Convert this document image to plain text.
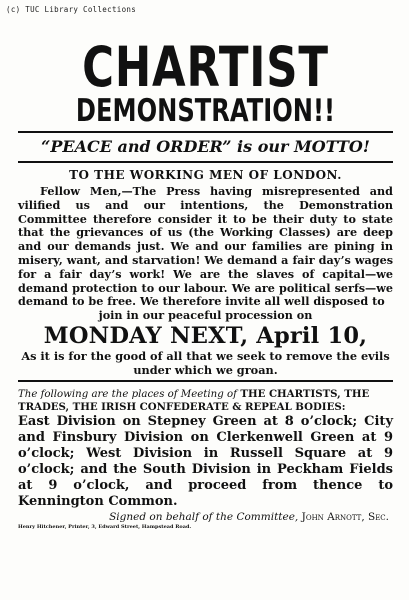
(c) TUC Library Collections
CHARTIST
DEMONSTRATION!!
“PEACE and ORDER” is our MOTTO!
TO THE WORKING MEN OF LONDON.
Fellow Men,—The Press having misrepresented and vilified us and our intentions, the Demonstration Committee therefore consider it to be their duty to state that the grievances of us (the Working Classes) are deep and our demands just. We and our families are pining in misery, want, and starvation! We demand a fair day’s wages for a fair day’s work! We are the slaves of capital—we demand protection to our labour. We are political serfs—we demand to be free. We therefore invite all well disposed to
join in our peaceful procession on
MONDAY NEXT, April 10,
As it is for the good of all that we seek to remove the evils under which we groan.
The following are the places of Meeting of THE CHARTISTS, THE TRADES, THE IRISH CONFEDERATE & REPEAL BODIES:
East Division on Stepney Green at 8 o’clock; City and Finsbury Division on Clerkenwell Green at 9 o’clock; West Division in Russell Square at 9 o’clock; and the South Division in Peckham Fields at 9 o’clock, and proceed from thence to Kennington Common.
Signed on behalf of the Committee, John Arnott, Sec.
Henry Hitchener, Printer, 3, Edward Street, Hampstead Road.
